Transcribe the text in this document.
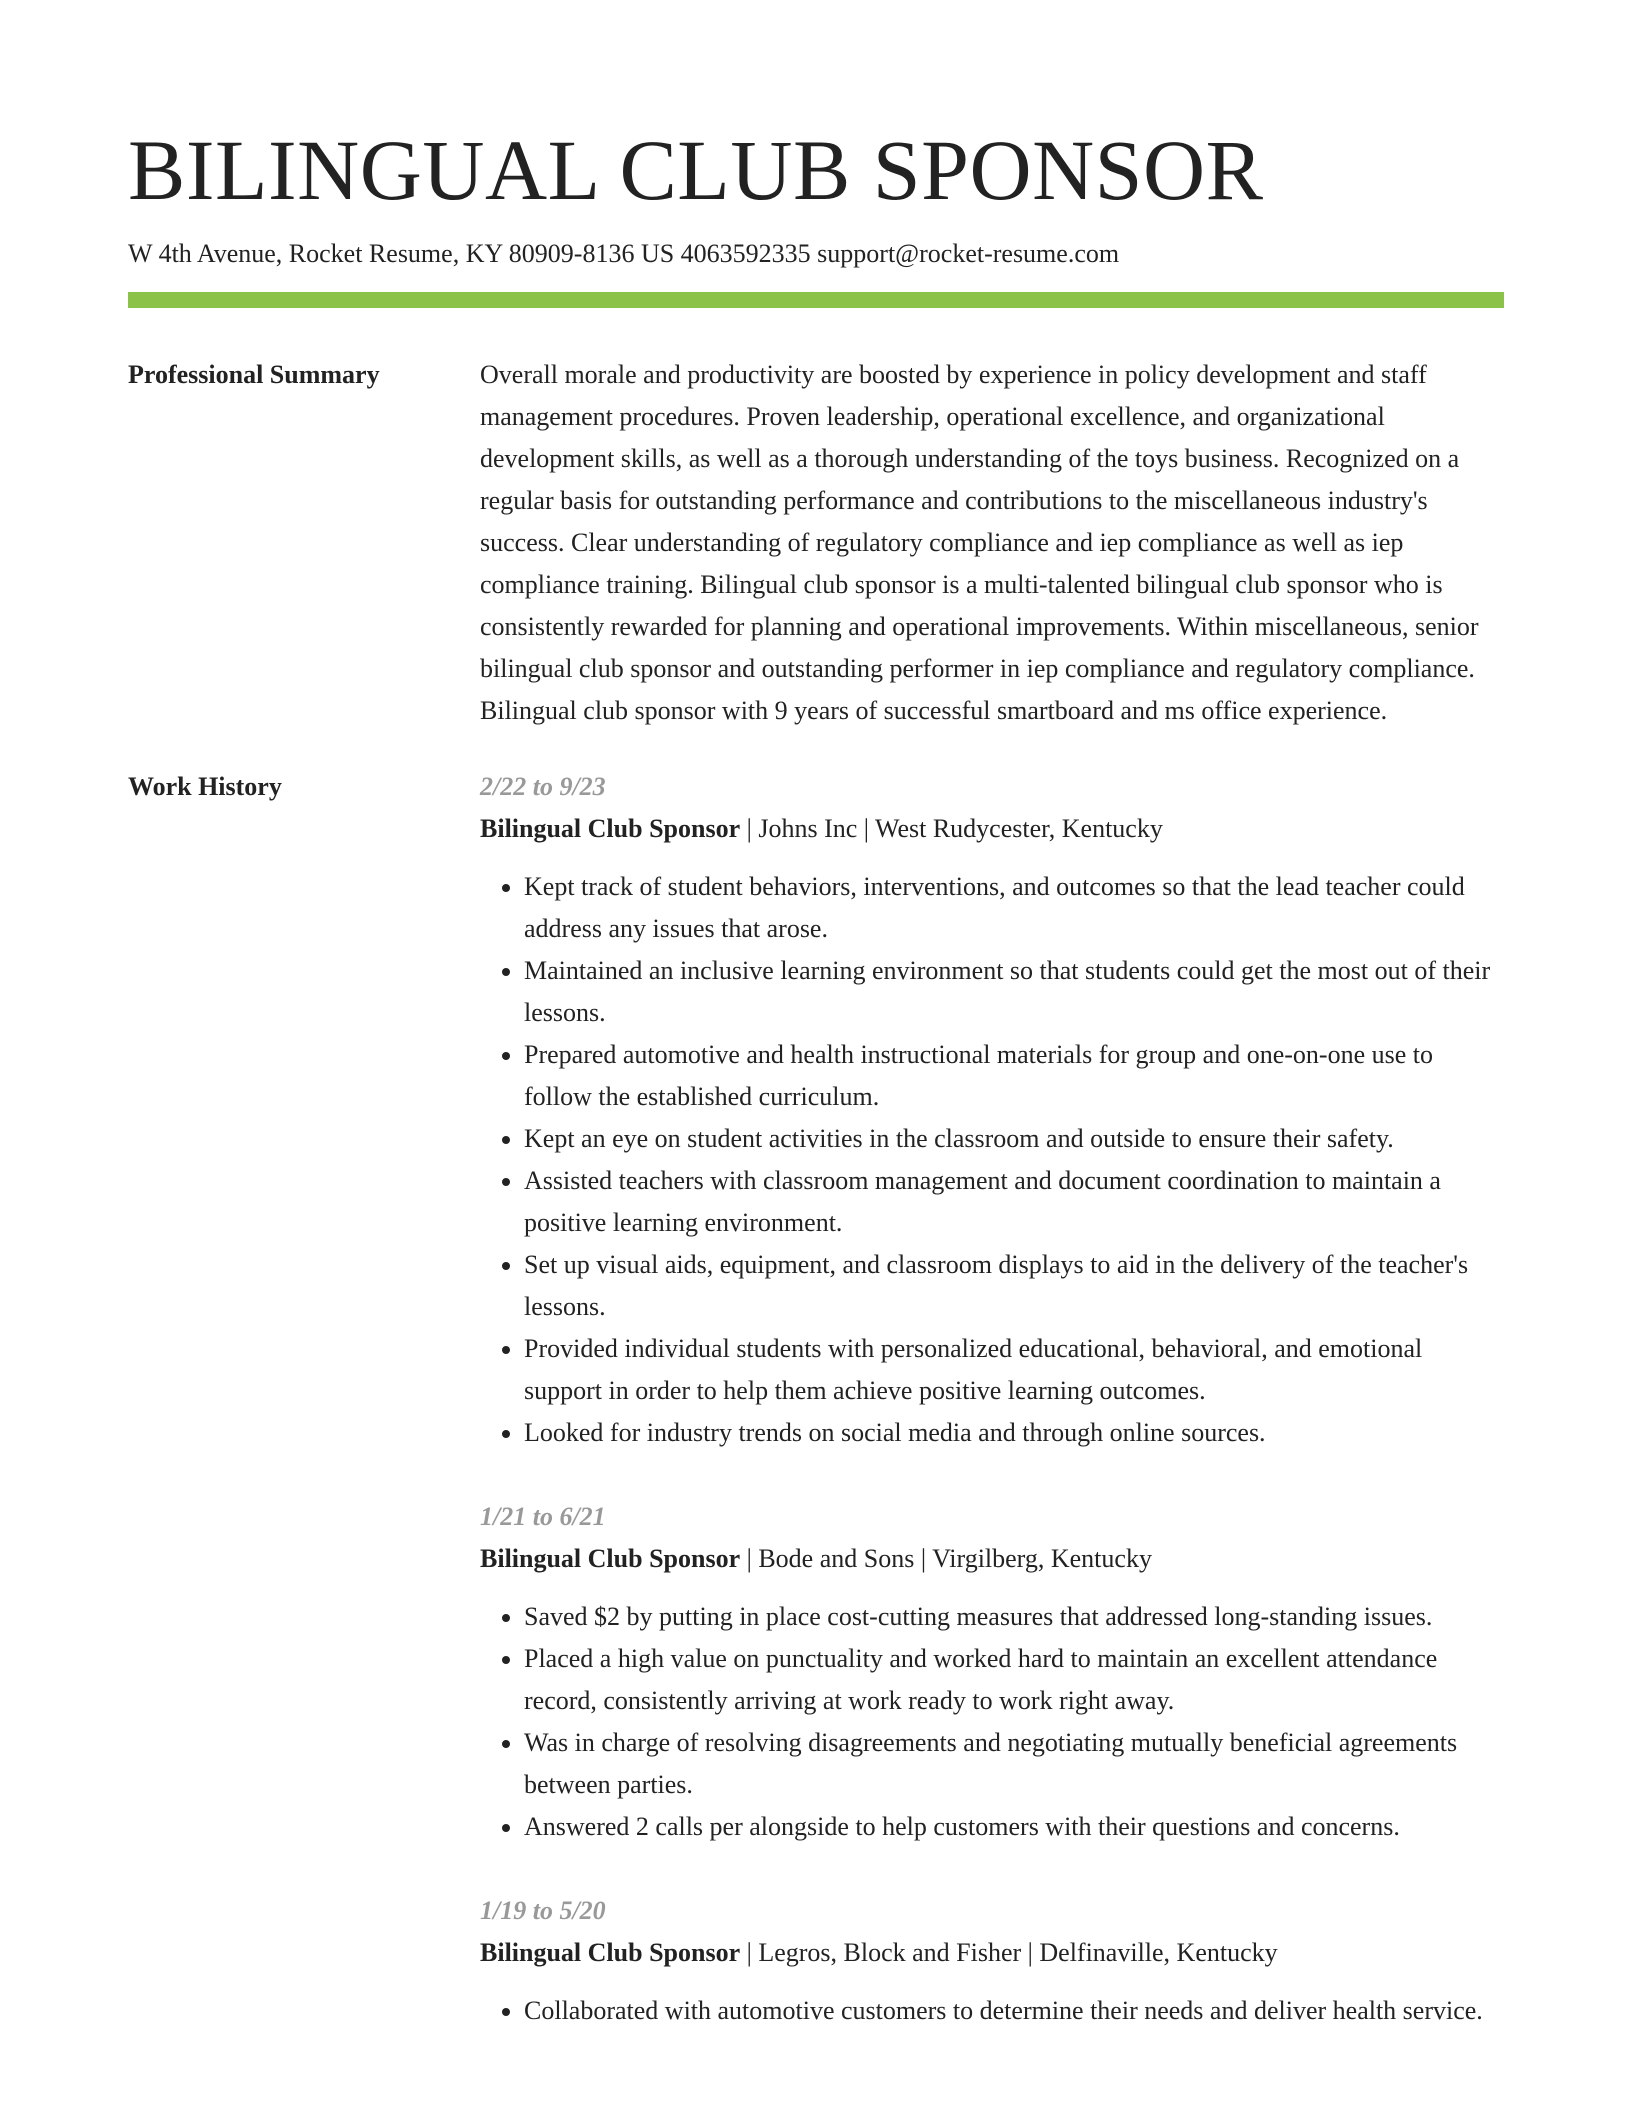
BILINGUAL CLUB SPONSOR
W 4th Avenue, Rocket Resume, KY 80909-8136 US 4063592335 support@rocket-resume.com
Professional Summary	Overall morale and productivity are boosted by experience in policy development and staff management procedures. Proven leadership, operational excellence, and organizational development skills, as well as a thorough understanding of the toys business. Recognized on a regular basis for outstanding performance and contributions to the miscellaneous industry's success. Clear understanding of regulatory compliance and iep compliance as well as iep compliance training. Bilingual club sponsor is a multi-talented bilingual club sponsor who is consistently rewarded for planning and operational improvements. Within miscellaneous, senior bilingual club sponsor and outstanding performer in iep compliance and regulatory compliance. Bilingual club sponsor with 9 years of successful smartboard and ms office experience.

Work History	2/22 to 9/23
Bilingual Club Sponsor | Johns Inc | West Rudycester, Kentucky
• Kept track of student behaviors, interventions, and outcomes so that the lead teacher could address any issues that arose.
• Maintained an inclusive learning environment so that students could get the most out of their lessons.
• Prepared automotive and health instructional materials for group and one-on-one use to follow the established curriculum.
• Kept an eye on student activities in the classroom and outside to ensure their safety.
• Assisted teachers with classroom management and document coordination to maintain a positive learning environment.
• Set up visual aids, equipment, and classroom displays to aid in the delivery of the teacher's lessons.
• Provided individual students with personalized educational, behavioral, and emotional support in order to help them achieve positive learning outcomes.
• Looked for industry trends on social media and through online sources.
1/21 to 6/21
Bilingual Club Sponsor | Bode and Sons | Virgilberg, Kentucky
• Saved $2 by putting in place cost-cutting measures that addressed long-standing issues.
• Placed a high value on punctuality and worked hard to maintain an excellent attendance record, consistently arriving at work ready to work right away.
• Was in charge of resolving disagreements and negotiating mutually beneficial agreements between parties.
• Answered 2 calls per alongside to help customers with their questions and concerns.
1/19 to 5/20
Bilingual Club Sponsor | Legros, Block and Fisher | Delfinaville, Kentucky
• Collaborated with automotive customers to determine their needs and deliver health service.
